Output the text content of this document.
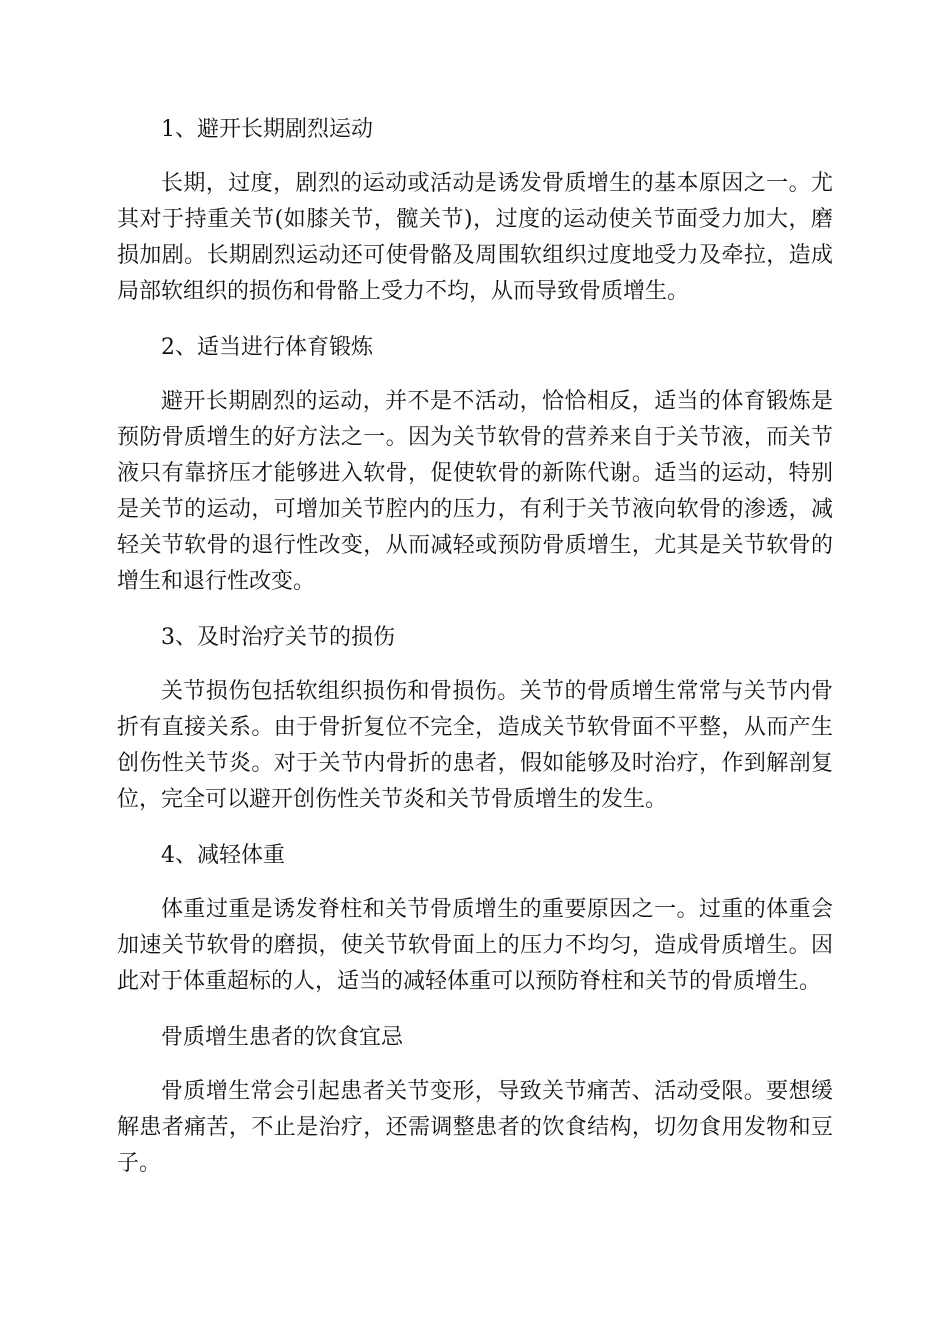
1、避开长期剧烈运动

长期，过度，剧烈的运动或活动是诱发骨质增生的基本原因之一。尤其对于持重关节(如膝关节，髋关节)，过度的运动使关节面受力加大，磨损加剧。长期剧烈运动还可使骨骼及周围软组织过度地受力及牵拉，造成局部软组织的损伤和骨骼上受力不均，从而导致骨质增生。

2、适当进行体育锻炼

避开长期剧烈的运动，并不是不活动，恰恰相反，适当的体育锻炼是预防骨质增生的好方法之一。因为关节软骨的营养来自于关节液，而关节液只有靠挤压才能够进入软骨，促使软骨的新陈代谢。适当的运动，特别是关节的运动，可增加关节腔内的压力，有利于关节液向软骨的渗透，减轻关节软骨的退行性改变，从而减轻或预防骨质增生，尤其是关节软骨的增生和退行性改变。

3、及时治疗关节的损伤

关节损伤包括软组织损伤和骨损伤。关节的骨质增生常常与关节内骨折有直接关系。由于骨折复位不完全，造成关节软骨面不平整，从而产生创伤性关节炎。对于关节内骨折的患者，假如能够及时治疗，作到解剖复位，完全可以避开创伤性关节炎和关节骨质增生的发生。

4、减轻体重

体重过重是诱发脊柱和关节骨质增生的重要原因之一。过重的体重会加速关节软骨的磨损，使关节软骨面上的压力不均匀，造成骨质增生。因此对于体重超标的人，适当的减轻体重可以预防脊柱和关节的骨质增生。

骨质增生患者的饮食宜忌

骨质增生常会引起患者关节变形，导致关节痛苦、活动受限。要想缓解患者痛苦，不止是治疗，还需调整患者的饮食结构，切勿食用发物和豆子。
